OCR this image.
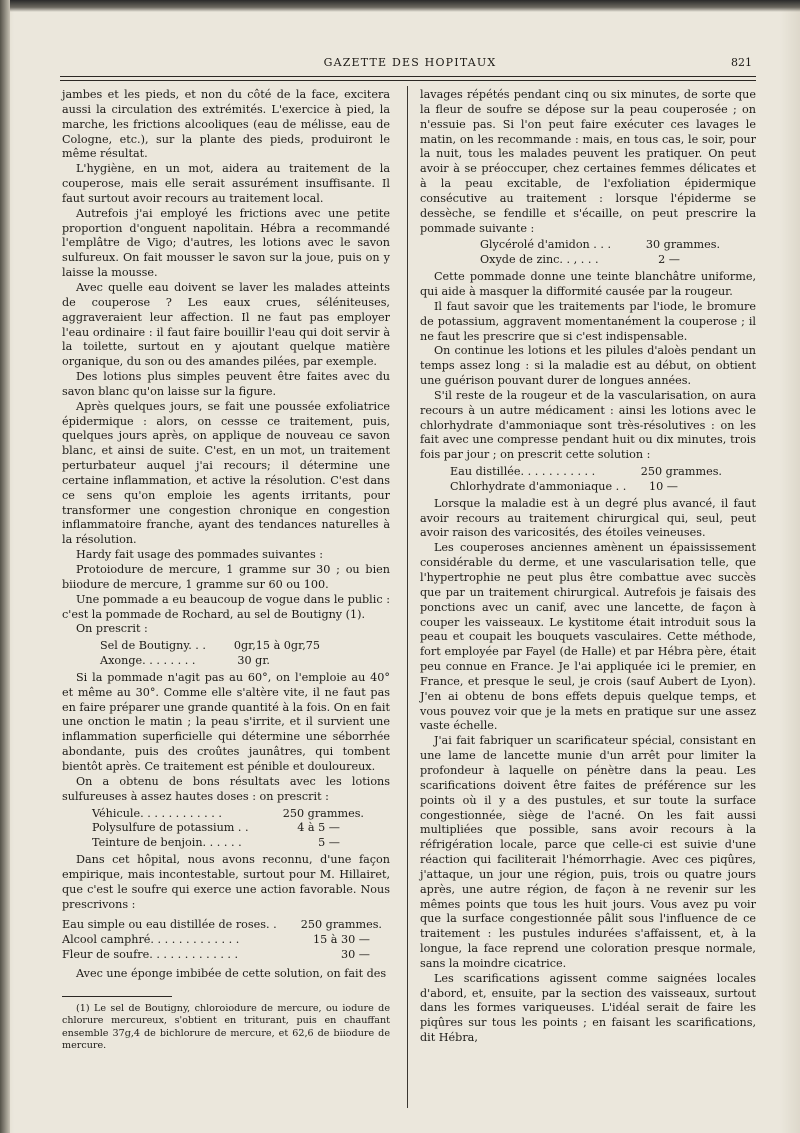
GAZETTE DES HOPITAUX	821

jambes et les pieds, et non du côté de la face, excitera aussi la circulation des extrémités. L'exercice à pied, la marche, les frictions alcooliques (eau de mélisse, eau de Cologne, etc.), sur la plante des pieds, produiront le même résultat.

L'hygiène, en un mot, aidera au traitement de la couperose, mais elle serait assurément insuffisante. Il faut surtout avoir recours au traitement local.

Autrefois j'ai employé les frictions avec une petite proportion d'onguent napolitain. Hébra a recommandé l'emplâtre de Vigo; d'autres, les lotions avec le savon sulfureux. On fait mousser le savon sur la joue, puis on y laisse la mousse.

Avec quelle eau doivent se laver les malades atteints de couperose ? Les eaux crues, séléniteuses, aggraveraient leur affection. Il ne faut pas employer l'eau ordinaire : il faut faire bouillir l'eau qui doit servir à la toilette, surtout en y ajoutant quelque matière organique, du son ou des amandes pilées, par exemple.

Des lotions plus simples peuvent être faites avec du savon blanc qu'on laisse sur la figure.

Après quelques jours, se fait une poussée exfoliatrice épidermique : alors, on cessse ce traitement, puis, quelques jours après, on applique de nouveau ce savon blanc, et ainsi de suite. C'est, en un mot, un traitement perturbateur auquel j'ai recours; il détermine une certaine inflammation, et active la résolution. C'est dans ce sens qu'on emploie les agents irritants, pour transformer une congestion chronique en congestion inflammatoire franche, ayant des tendances naturelles à la résolution.

Hardy fait usage des pommades suivantes :

Protoiodure de mercure, 1 gramme sur 30 ; ou bien biiodure de mercure, 1 gramme sur 60 ou 100.

Une pommade a eu beaucoup de vogue dans le public : c'est la pommade de Rochard, au sel de Boutigny (1).

On prescrit :

Sel de Boutigny. . . 0gr,15 à 0gr,75
Axonge. . . . . . . .	30 gr.

Si la pommade n'agit pas au 60°, on l'emploie au 40° et même au 30°. Comme elle s'altère vite, il ne faut pas en faire préparer une grande quantité à la fois. On en fait une onction le matin ; la peau s'irrite, et il survient une inflammation superficielle qui détermine une séborrhée abondante, puis des croûtes jaunâtres, qui tombent bientôt après. Ce traitement est pénible et douloureux.

On a obtenu de bons résultats avec les lotions sulfureuses à assez hautes doses : on prescrit :

Véhicule. . . . . . . . . . . .	250 grammes.
Polysulfure de potassium . .	4 à 5 —
Teinture de benjoin. . . . . .	5 —

Dans cet hôpital, nous avons reconnu, d'une façon empirique, mais incontestable, surtout pour M. Hillairet, que c'est le soufre qui exerce une action favorable. Nous prescrivons :

Eau simple ou eau distillée de roses. . 250 grammes.
Alcool camphré. . . . . . . . . . . . .	15 à 30 —
Fleur de soufre. . . . . . . . . . . . .	30 —

Avec une éponge imbibée de cette solution, on fait des

(1) Le sel de Boutigny, chloroiodure de mercure, ou iodure de chlorure mercureux, s'obtient en triturant, puis en chauffant ensemble 37g,4 de bichlorure de mercure, et 62,6 de biiodure de mercure.

lavages répétés pendant cinq ou six minutes, de sorte que la fleur de soufre se dépose sur la peau couperosée ; on n'essuie pas. Si l'on peut faire exécuter ces lavages le matin, on les recommande : mais, en tous cas, le soir, pour la nuit, tous les malades peuvent les pratiquer. On peut avoir à se préoccuper, chez certaines femmes délicates et à la peau excitable, de l'exfoliation épidermique consécutive au traitement : lorsque l'épiderme se dessèche, se fendille et s'écaille, on peut prescrire la pommade suivante :

Glycérolé d'amidon . . .	30 grammes.
Oxyde de zinc. . , . . .	2 —

Cette pommade donne une teinte blanchâtre uniforme, qui aide à masquer la difformité causée par la rougeur.

Il faut savoir que les traitements par l'iode, le bromure de potassium, aggravent momentanément la couperose ; il ne faut les prescrire que si c'est indispensable.

On continue les lotions et les pilules d'aloès pendant un temps assez long : si la maladie est au début, on obtient une guérison pouvant durer de longues années.

S'il reste de la rougeur et de la vascularisation, on aura recours à un autre médicament : ainsi les lotions avec le chlorhydrate d'ammoniaque sont très-résolutives : on les fait avec une compresse pendant huit ou dix minutes, trois fois par jour ; on prescrit cette solution :

Eau distillée. . . . . . . . . . .	250 grammes.
Chlorhydrate d'ammoniaque . . 10 —

Lorsque la maladie est à un degré plus avancé, il faut avoir recours au traitement chirurgical qui, seul, peut avoir raison des varicosités, des étoiles veineuses.

Les couperoses anciennes amènent un épaississement considérable du derme, et une vascularisation telle, que l'hypertrophie ne peut plus être combattue avec succès que par un traitement chirurgical. Autrefois je faisais des ponctions avec un canif, avec une lancette, de façon à couper les vaisseaux. Le kystitome était introduit sous la peau et coupait les bouquets vasculaires. Cette méthode, fort employée par Fayel (de Halle) et par Hébra père, était peu connue en France. Je l'ai appliquée ici le premier, en France, et presque le seul, je crois (sauf Aubert de Lyon). J'en ai obtenu de bons effets depuis quelque temps, et vous pouvez voir que je la mets en pratique sur une assez vaste échelle.

J'ai fait fabriquer un scarificateur spécial, consistant en une lame de lancette munie d'un arrêt pour limiter la profondeur à laquelle on pénètre dans la peau. Les scarifications doivent être faites de préférence sur les points où il y a des pustules, et sur toute la surface congestionnée, siège de l'acné. On les fait aussi multipliées que possible, sans avoir recours à la réfrigération locale, parce que celle-ci est suivie d'une réaction qui faciliterait l'hémorrhagie. Avec ces piqûres, j'attaque, un jour une région, puis, trois ou quatre jours après, une autre région, de façon à ne revenir sur les mêmes points que tous les huit jours. Vous avez pu voir que la surface congestionnée pâlit sous l'influence de ce traitement : les pustules indurées s'affaissent, et, à la longue, la face reprend une coloration presque normale, sans la moindre cicatrice.

Les scarifications agissent comme saignées locales d'abord, et, ensuite, par la section des vaisseaux, surtout dans les formes variqueuses. L'idéal serait de faire les piqûres sur tous les points ; en faisant les scarifications, dit Hébra,
